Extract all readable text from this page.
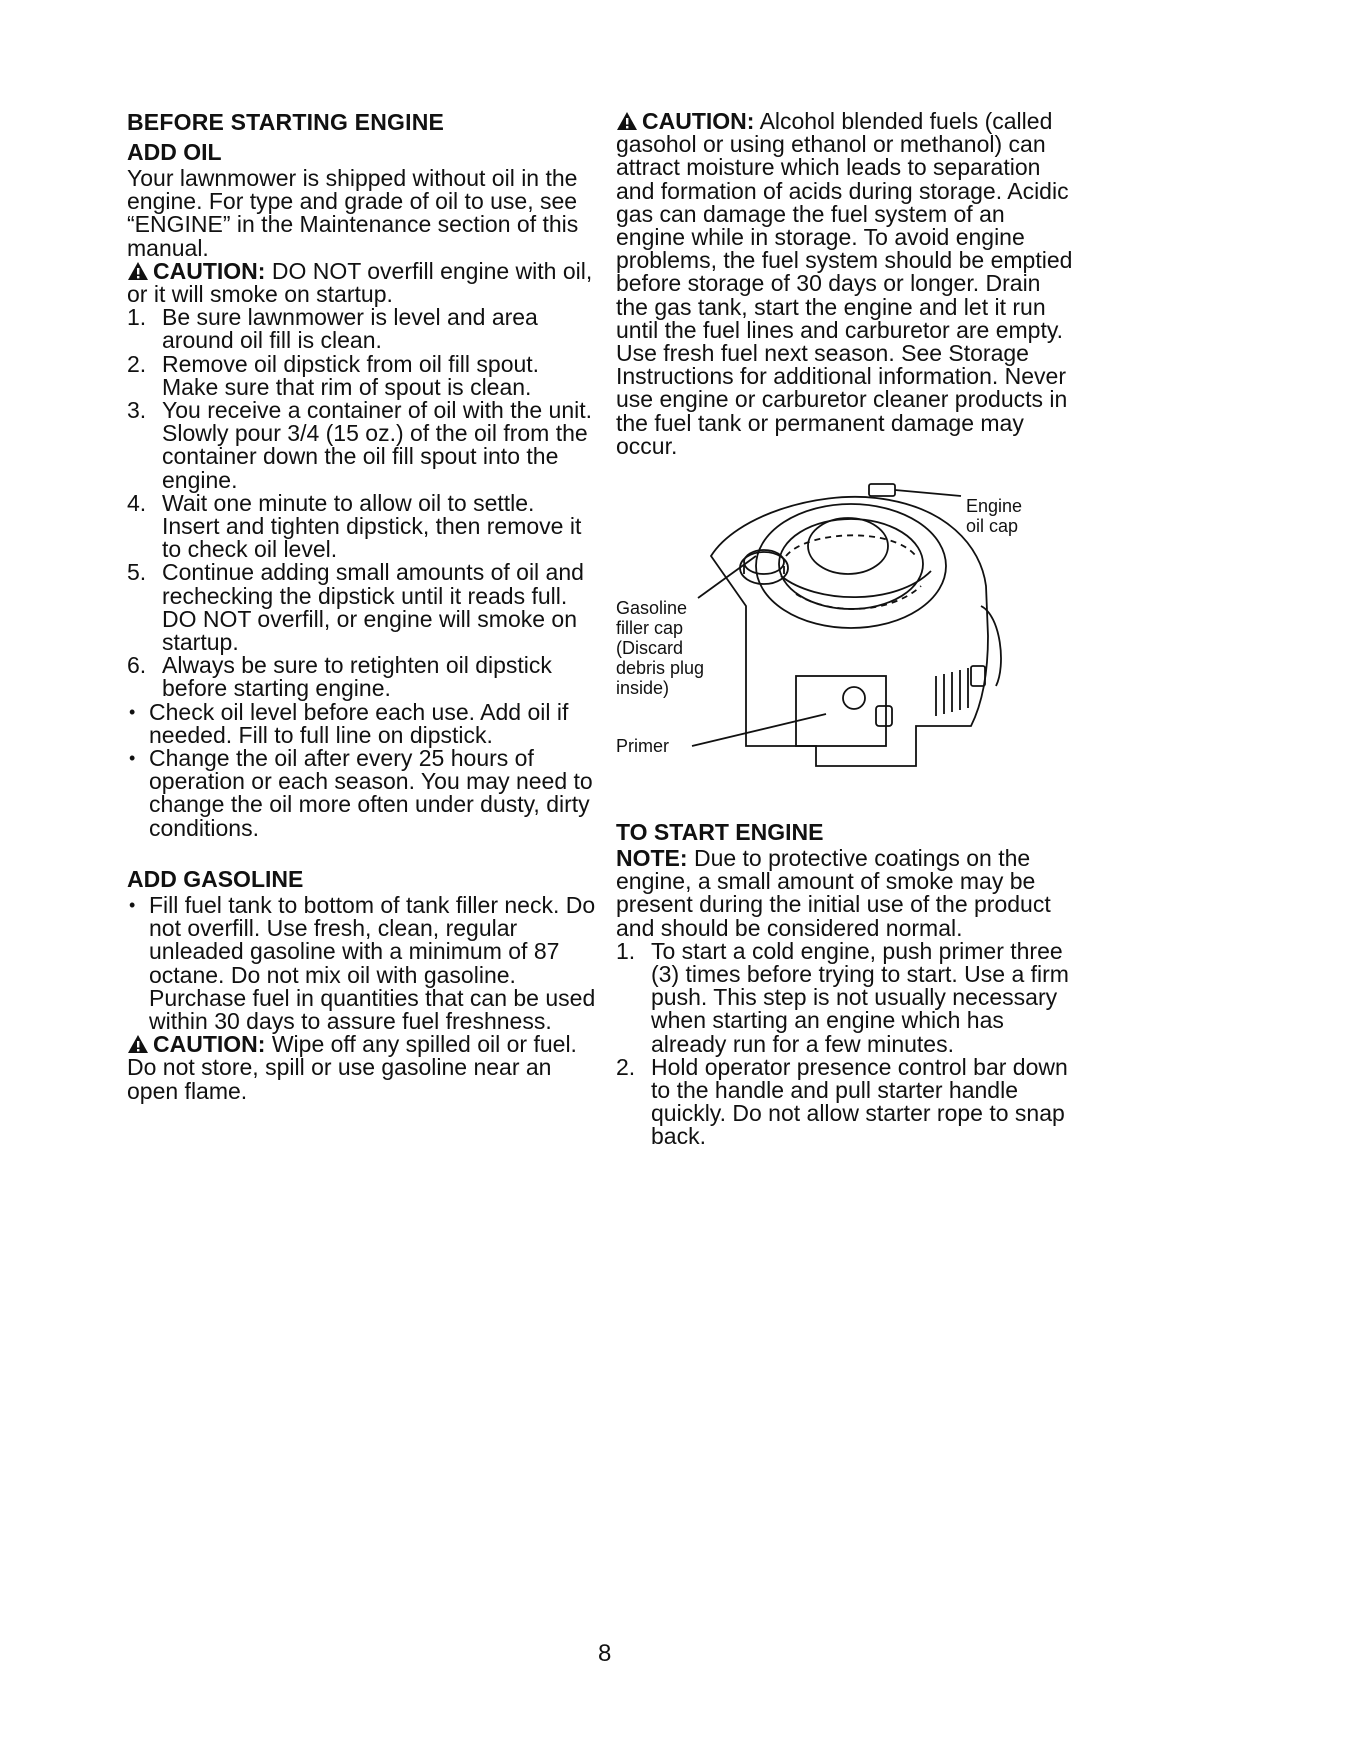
BEFORE STARTING ENGINE
ADD OIL

Your lawnmower is shipped without oil in the engine. For type and grade of oil to use, see “ENGINE” in the Maintenance section of this manual.

CAUTION: DO NOT overfill engine with oil, or it will smoke on startup.

1. Be sure lawnmower is level and area around oil fill is clean.
2. Remove oil dipstick from oil fill spout. Make sure that rim of spout is clean.
3. You receive a container of oil with the unit. Slowly pour 3/4 (15 oz.) of the oil from the container down the oil fill spout into the engine.
4. Wait one minute to allow oil to settle. Insert and tighten dipstick, then remove it to check oil level.
5. Continue adding small amounts of oil and rechecking the dipstick until it reads full. DO NOT overfill, or engine will smoke on startup.
6. Always be sure to retighten oil dipstick before starting engine.
• Check oil level before each use. Add oil if needed. Fill to full line on dipstick.
• Change the oil after every 25 hours of operation or each season. You may need to change the oil more often under dusty, dirty conditions.
ADD GASOLINE
• Fill fuel tank to bottom of tank filler neck. Do not overfill. Use fresh, clean, regular unleaded gasoline with a minimum of 87 octane. Do not mix oil with gasoline. Purchase fuel in quantities that can be used within 30 days to assure fuel freshness.

CAUTION: Wipe off any spilled oil or fuel. Do not store, spill or use gasoline near an open flame.

CAUTION: Alcohol blended fuels (called gasohol or using ethanol or methanol) can attract moisture which leads to separation and formation of acids during storage. Acidic gas can damage the fuel system of an engine while in storage. To avoid engine problems, the fuel system should be emptied before storage of 30 days or longer. Drain the gas tank, start the engine and let it run until the fuel lines and carburetor are empty. Use fresh fuel next season. See Storage Instructions for additional information. Never use engine or carburetor cleaner products in the fuel tank or permanent damage may occur.

Engine
oil cap
Gasoline
filler cap
(Discard
debris plug
inside)
Primer
TO START ENGINE

NOTE: Due to protective coatings on the engine, a small amount of smoke may be present during the initial use of the product and should be considered normal.

1. To start a cold engine, push primer three (3) times before trying to start. Use a firm push. This step is not usually necessary when starting an engine which has already run for a few minutes.
2. Hold operator presence control bar down to the handle and pull starter handle quickly. Do not allow starter rope to snap back.
8
